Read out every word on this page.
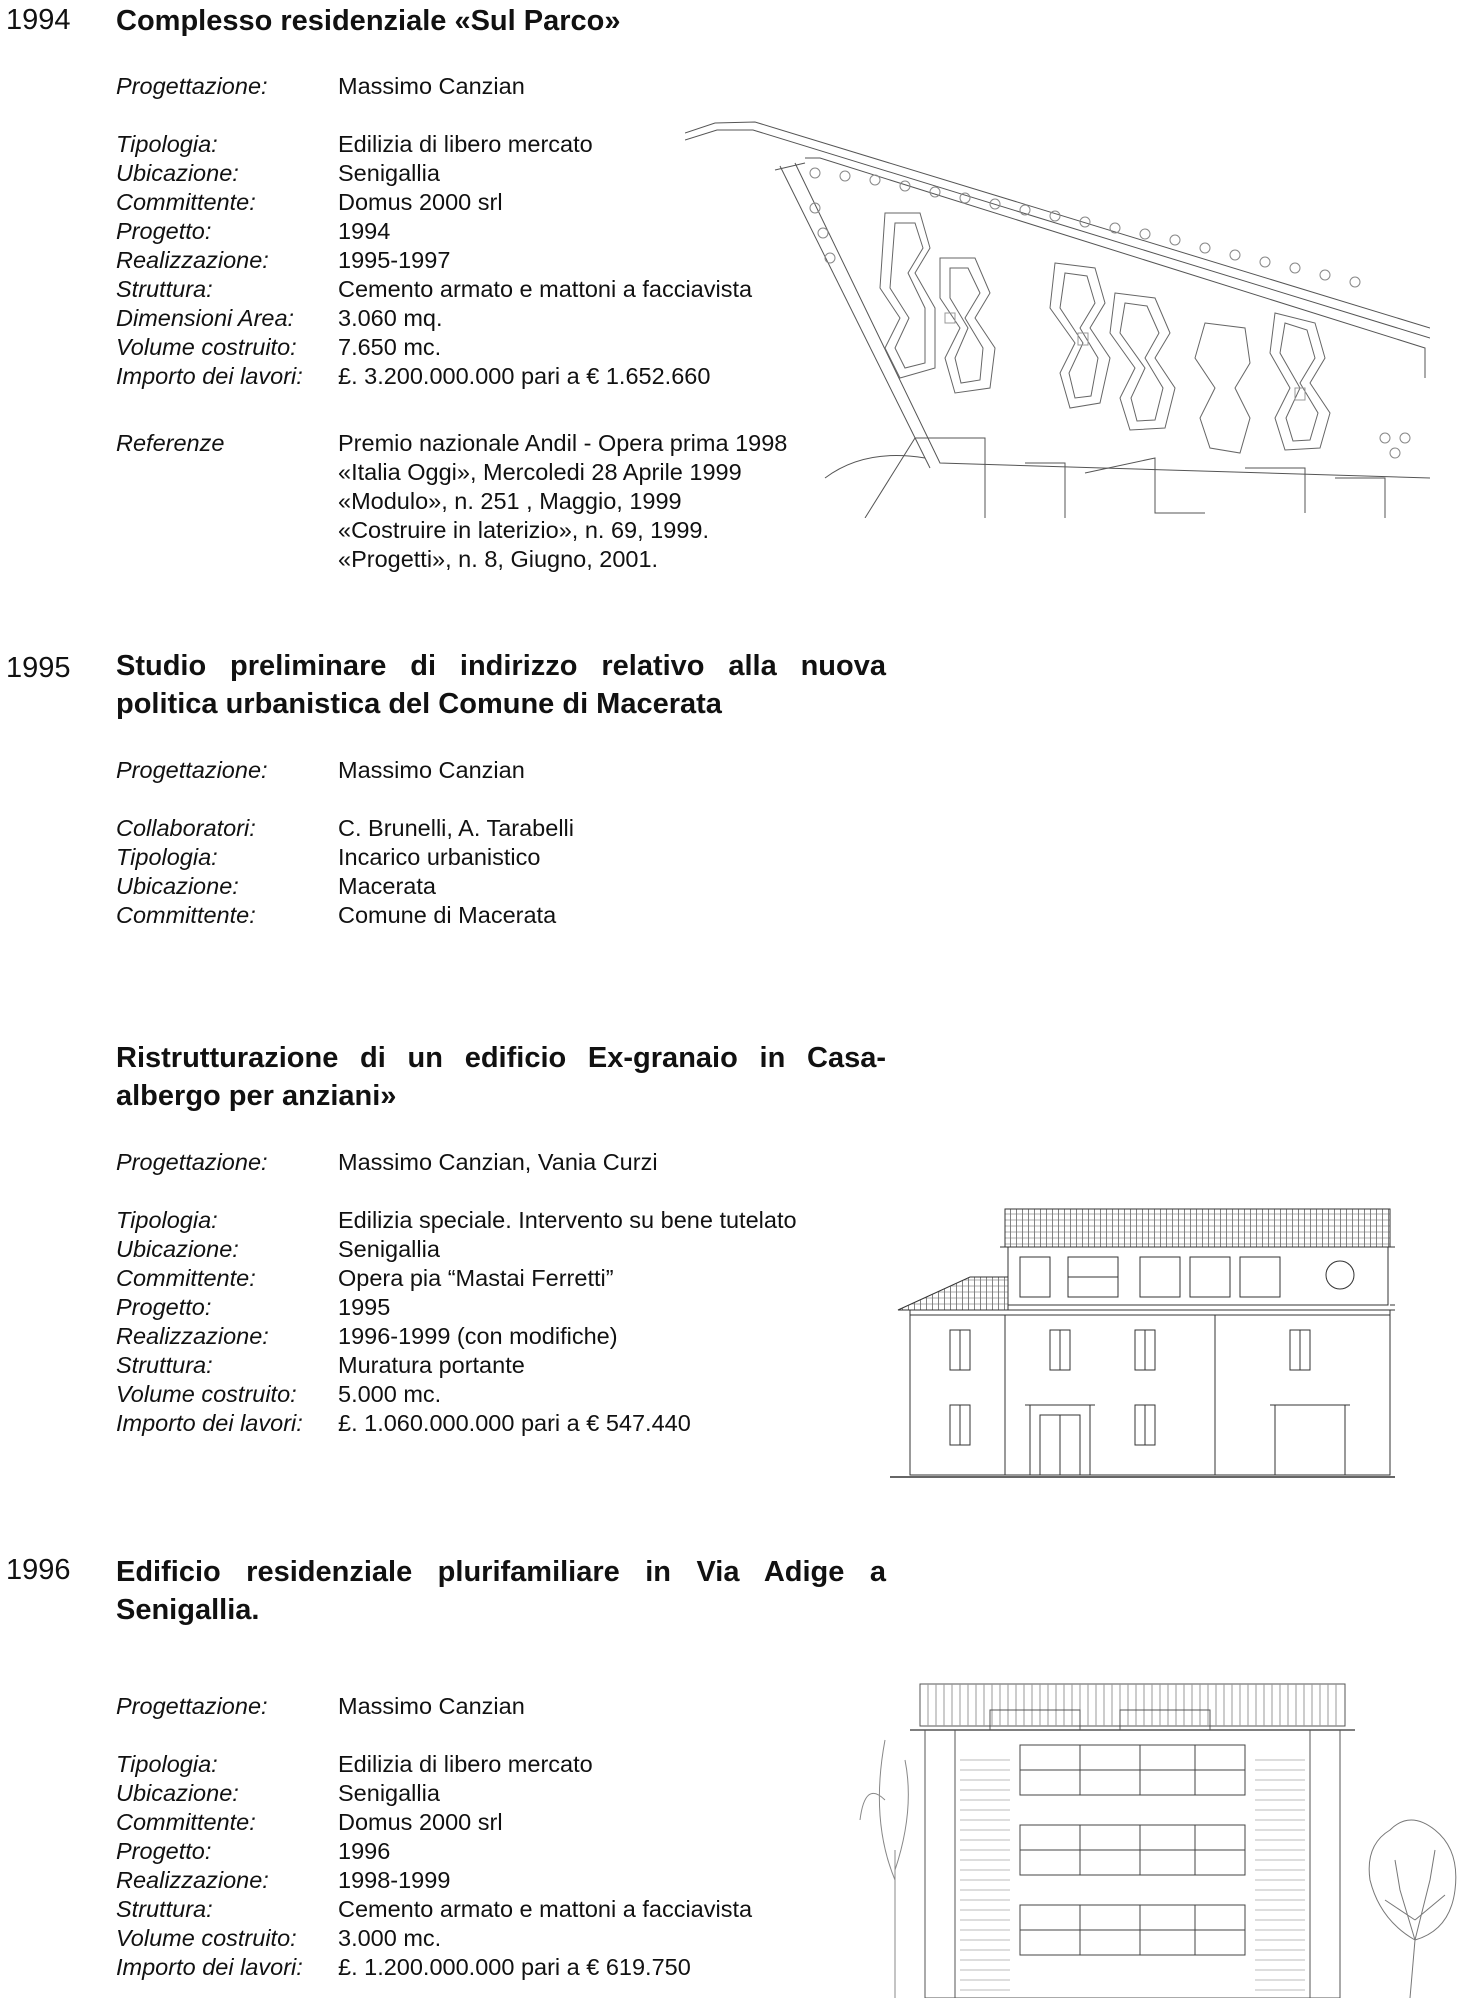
1994 Complesso residenziale «Sul Parco»
Progettazione:	Massimo Canzian
Tipologia:	Edilizia di libero mercato
Ubicazione:	Senigallia
Committente:	Domus 2000 srl
Progetto:	1994
Realizzazione:	1995-1997
Struttura:	Cemento armato e mattoni a facciavista
Dimensioni Area: 3.060 mq.
Volume costruito: 7.650 mc.
Importo dei lavori: £. 3.200.000.000 pari a € 1.652.660
Referenze	Premio nazionale Andil - Opera prima 1998
«Italia Oggi», Mercoledi 28 Aprile 1999
«Modulo», n. 251 , Maggio, 1999
«Costruire in laterizio», n. 69, 1999.
«Progetti», n. 8, Giugno, 2001.
1995 Studio preliminare di indirizzo relativo alla nuova politica urbanistica del Comune di Macerata
Progettazione:	Massimo Canzian
Collaboratori:	C. Brunelli, A. Tarabelli
Tipologia:	Incarico urbanistico
Ubicazione:	Macerata
Committente:	Comune di Macerata
Ristrutturazione di un edificio Ex-granaio in Casa-albergo per anziani»
Progettazione:	Massimo Canzian, Vania Curzi
Tipologia:	Edilizia speciale. Intervento su bene tutelato
Ubicazione:	Senigallia
Committente:	Opera pia “Mastai Ferretti”
Progetto:	1995
Realizzazione:	1996-1999 (con modifiche)
Struttura:	Muratura portante
Volume costruito: 5.000 mc.
Importo dei lavori: £. 1.060.000.000 pari a € 547.440
1996 Edificio residenziale plurifamiliare in Via Adige a Senigallia.
Progettazione:	Massimo Canzian
Tipologia:	Edilizia di libero mercato
Ubicazione:	Senigallia
Committente:	Domus 2000 srl
Progetto:	1996
Realizzazione:	1998-1999
Struttura:	Cemento armato e mattoni a facciavista
Volume costruito: 3.000 mc.
Importo dei lavori: £. 1.200.000.000 pari a € 619.750
